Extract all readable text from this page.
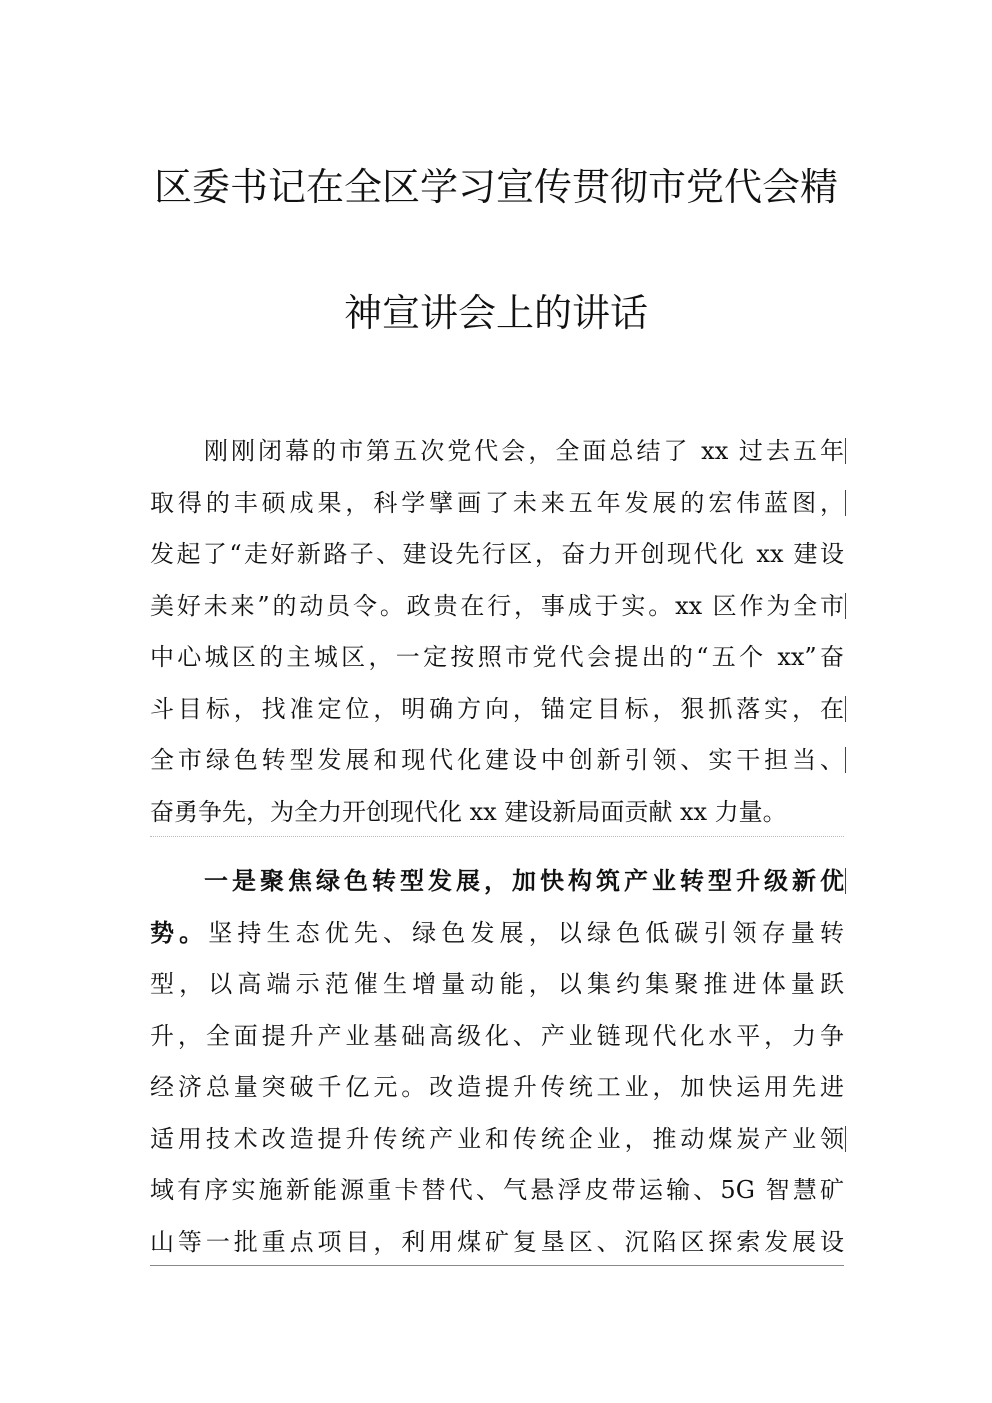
区委书记在全区学习宣传贯彻市党代会精
神宣讲会上的讲话
刚刚闭幕的市第五次党代会，全面总结了 xx 过去五年
取得的丰硕成果，科学擘画了未来五年发展的宏伟蓝图，
发起了“走好新路子、建设先行区，奋力开创现代化 xx 建设
美好未来”的动员令。政贵在行，事成于实。xx 区作为全市
中心城区的主城区，一定按照市党代会提出的“五个 xx”奋
斗目标，找准定位，明确方向，锚定目标，狠抓落实，在
全市绿色转型发展和现代化建设中创新引领、实干担当、
奋勇争先，为全力开创现代化 xx 建设新局面贡献 xx 力量。
一是聚焦绿色转型发展，加快构筑产业转型升级新优
势。坚持生态优先、绿色发展，以绿色低碳引领存量转
型，以高端示范催生增量动能，以集约集聚推进体量跃
升，全面提升产业基础高级化、产业链现代化水平，力争
经济总量突破千亿元。改造提升传统工业，加快运用先进
适用技术改造提升传统产业和传统企业，推动煤炭产业领
域有序实施新能源重卡替代、气悬浮皮带运输、5G 智慧矿
山等一批重点项目，利用煤矿复垦区、沉陷区探索发展设
